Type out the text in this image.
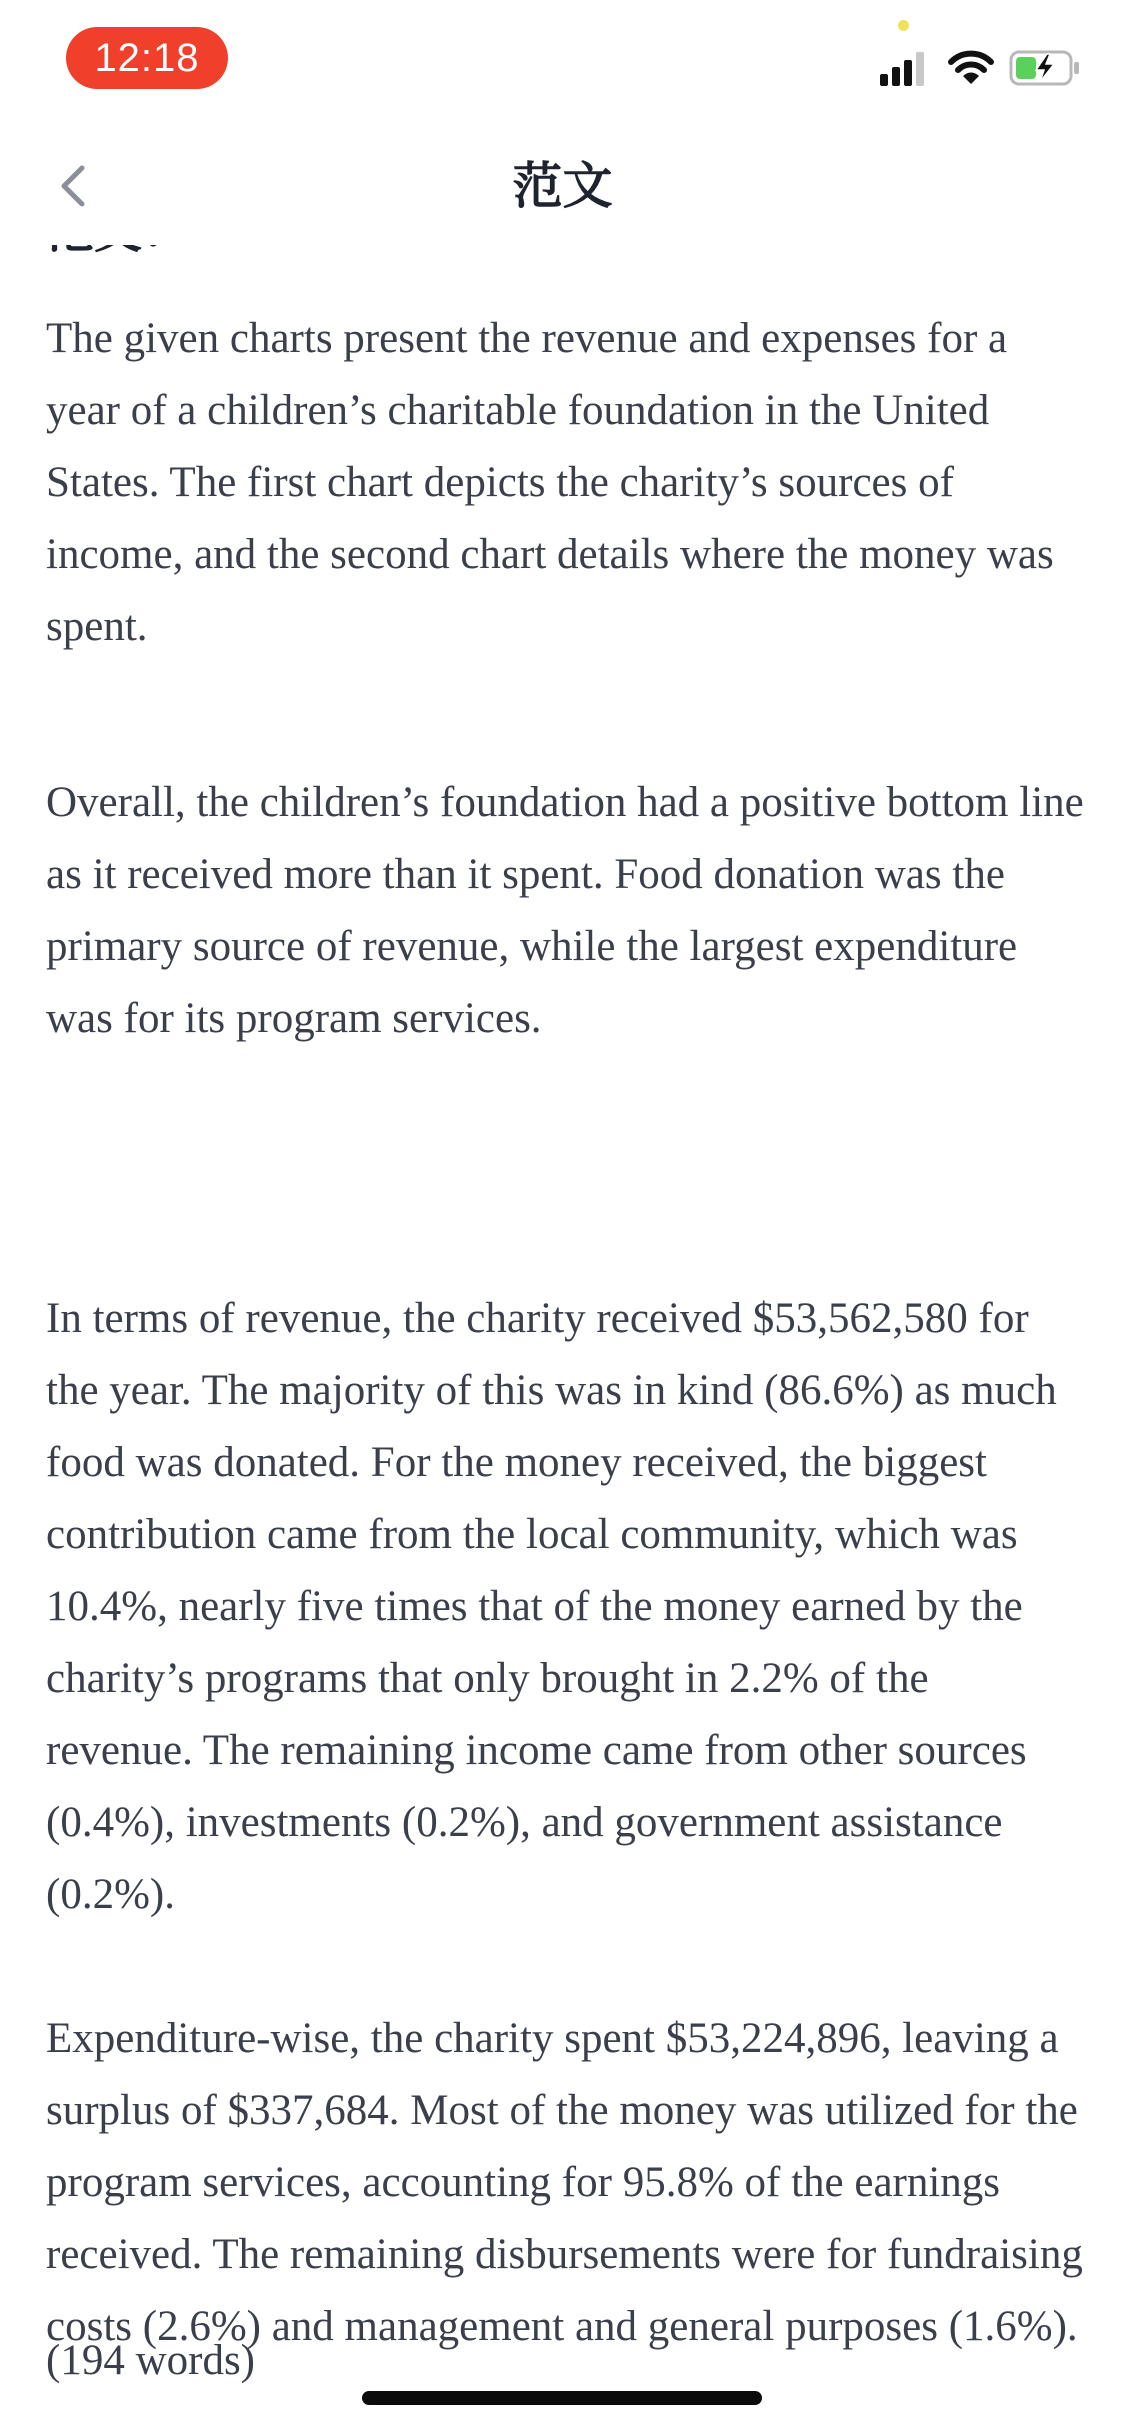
12:18
范文

The given charts present the revenue and expenses for a year of a children’s charitable foundation in the United States. The first chart depicts the charity’s sources of income, and the second chart details where the money was spent.

Overall, the children’s foundation had a positive bottom line as it received more than it spent. Food donation was the primary source of revenue, while the largest expenditure was for its program services.

In terms of revenue, the charity received $53,562,580 for the year. The majority of this was in kind (86.6%) as much food was donated. For the money received, the biggest contribution came from the local community, which was 10.4%, nearly five times that of the money earned by the charity’s programs that only brought in 2.2% of the revenue. The remaining income came from other sources (0.4%), investments (0.2%), and government assistance (0.2%).

Expenditure-wise, the charity spent $53,224,896, leaving a surplus of $337,684. Most of the money was utilized for the program services, accounting for 95.8% of the earnings received. The remaining disbursements were for fundraising costs (2.6%) and management and general purposes (1.6%).

(194 words)
